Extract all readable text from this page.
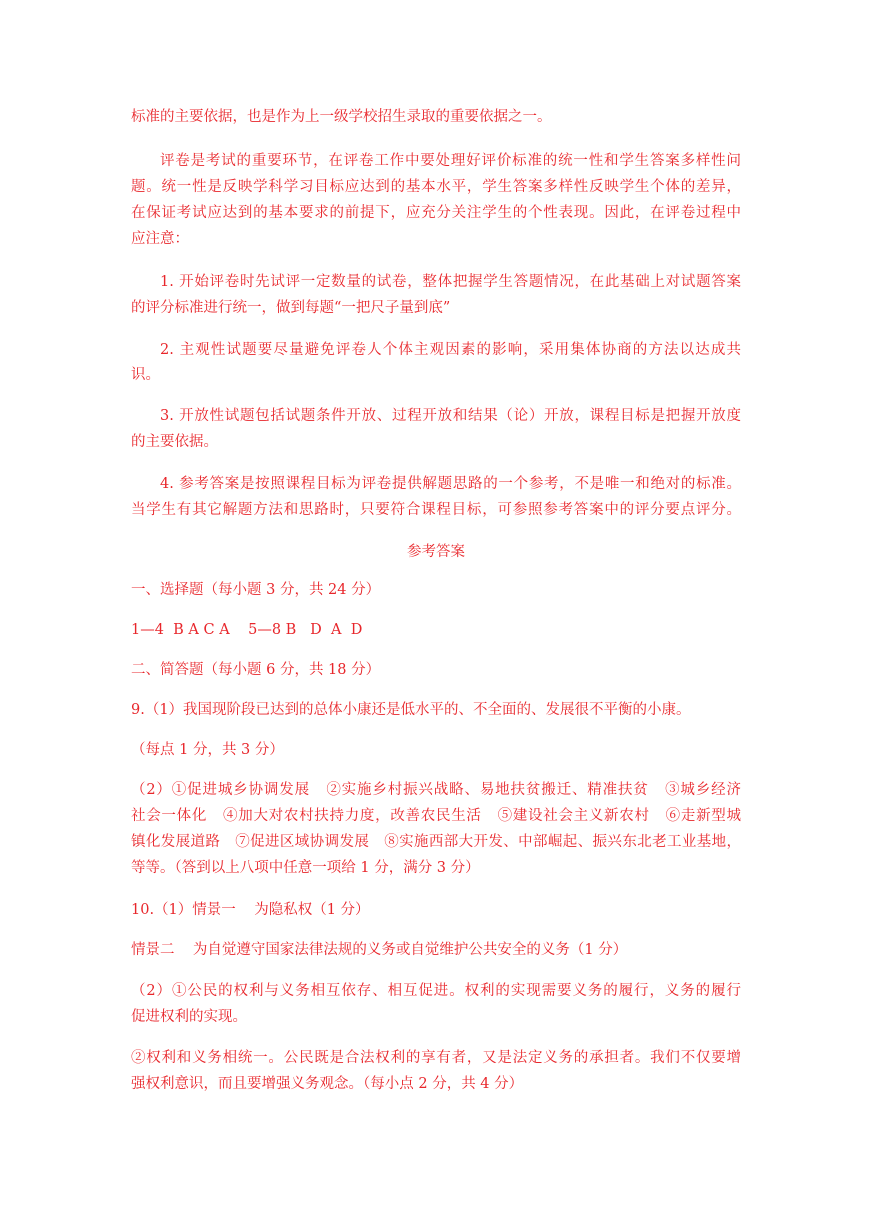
标准的主要依据，也是作为上一级学校招生录取的重要依据之一。
评卷是考试的重要环节，在评卷工作中要处理好评价标准的统一性和学生答案多样性问
题。统一性是反映学科学习目标应达到的基本水平，学生答案多样性反映学生个体的差异，
在保证考试应达到的基本要求的前提下，应充分关注学生的个性表现。因此，在评卷过程中
应注意：
1. 开始评卷时先试评一定数量的试卷，整体把握学生答题情况，在此基础上对试题答案
的评分标准进行统一，做到每题“一把尺子量到底”
2. 主观性试题要尽量避免评卷人个体主观因素的影响，采用集体协商的方法以达成共
识。
3. 开放性试题包括试题条件开放、过程开放和结果（论）开放，课程目标是把握开放度
的主要依据。
4. 参考答案是按照课程目标为评卷提供解题思路的一个参考，不是唯一和绝对的标准。
当学生有其它解题方法和思路时，只要符合课程目标，可参照参考答案中的评分要点评分。
参考答案
一、选择题（每小题 3 分，共 24 分）
1—4  B A C A    5—8 B   D  A  D
二、简答题（每小题 6 分，共 18 分）
9.（1）我国现阶段已达到的总体小康还是低水平的、不全面的、发展很不平衡的小康。
（每点 1 分，共 3 分）
（2）①促进城乡协调发展   ②实施乡村振兴战略、易地扶贫搬迁、精准扶贫   ③城乡经济
社会一体化   ④加大对农村扶持力度，改善农民生活   ⑤建设社会主义新农村   ⑥走新型城
镇化发展道路   ⑦促进区域协调发展   ⑧实施西部大开发、中部崛起、振兴东北老工业基地，
等等。（答到以上八项中任意一项给 1 分，满分 3 分）
10.（1）情景一    为隐私权（1 分）
情景二    为自觉遵守国家法律法规的义务或自觉维护公共安全的义务（1 分）
（2）①公民的权利与义务相互依存、相互促进。权利的实现需要义务的履行，义务的履行
促进权利的实现。
②权利和义务相统一。公民既是合法权利的享有者，又是法定义务的承担者。我们不仅要增
强权利意识，而且要增强义务观念。（每小点 2 分，共 4 分）
